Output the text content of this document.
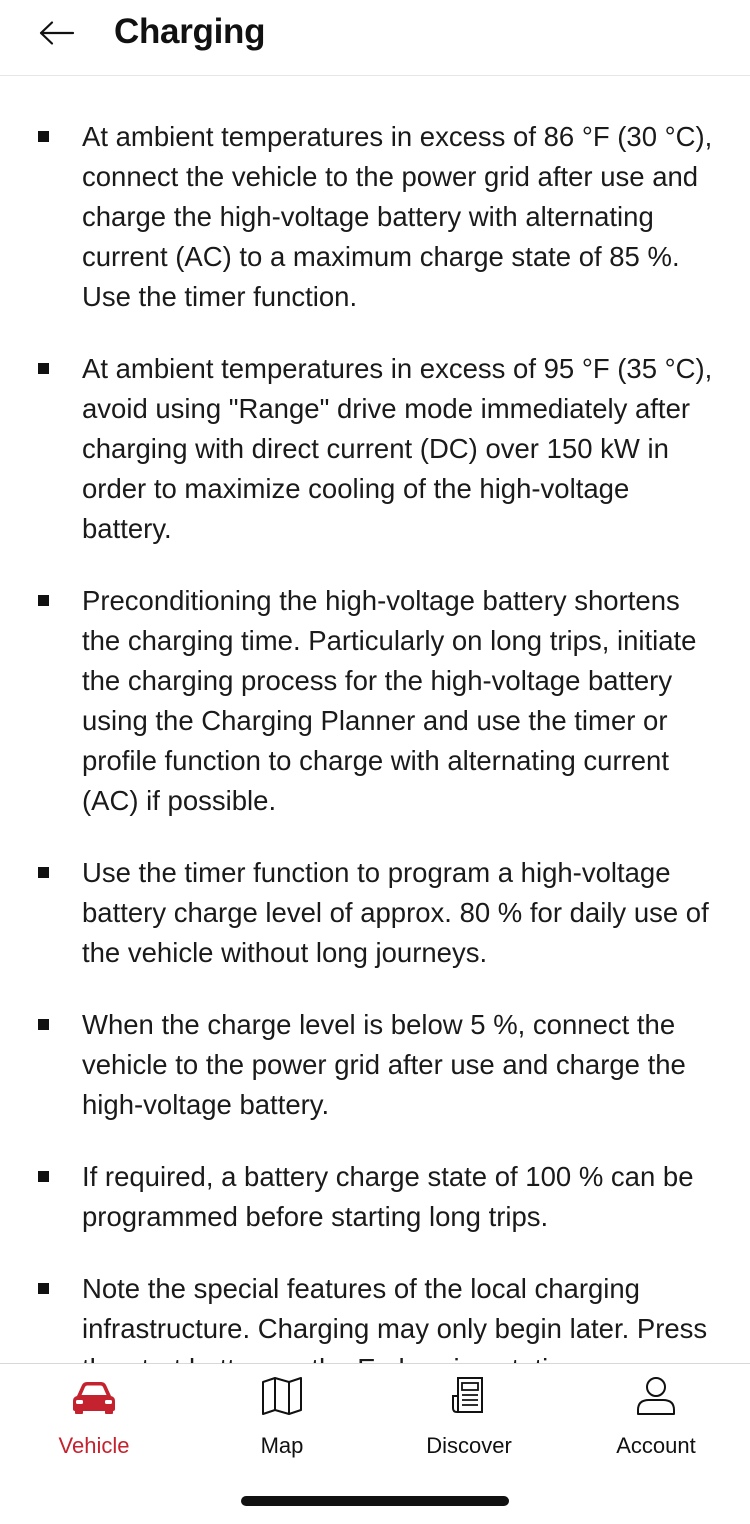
Charging
At ambient temperatures in excess of 86 °F (30 °C), connect the vehicle to the power grid after use and charge the high-voltage battery with alternating current (AC) to a maximum charge state of 85 %. Use the timer function.
At ambient temperatures in excess of 95 °F (35 °C), avoid using "Range" drive mode immediately after charging with direct current (DC) over 150 kW in order to maximize cooling of the high-voltage battery.
Preconditioning the high-voltage battery shortens the charging time. Particularly on long trips, initiate the charging process for the high-voltage battery using the Charging Planner and use the timer or profile function to charge with alternating current (AC) if possible.
Use the timer function to program a high-voltage battery charge level of approx. 80 % for daily use of the vehicle without long journeys.
When the charge level is below 5 %, connect the vehicle to the power grid after use and charge the high-voltage battery.
If required, a battery charge state of 100 % can be programmed before starting long trips.
Note the special features of the local charging infrastructure. Charging may only begin later. Press
Vehicle	Map	Discover	Account
